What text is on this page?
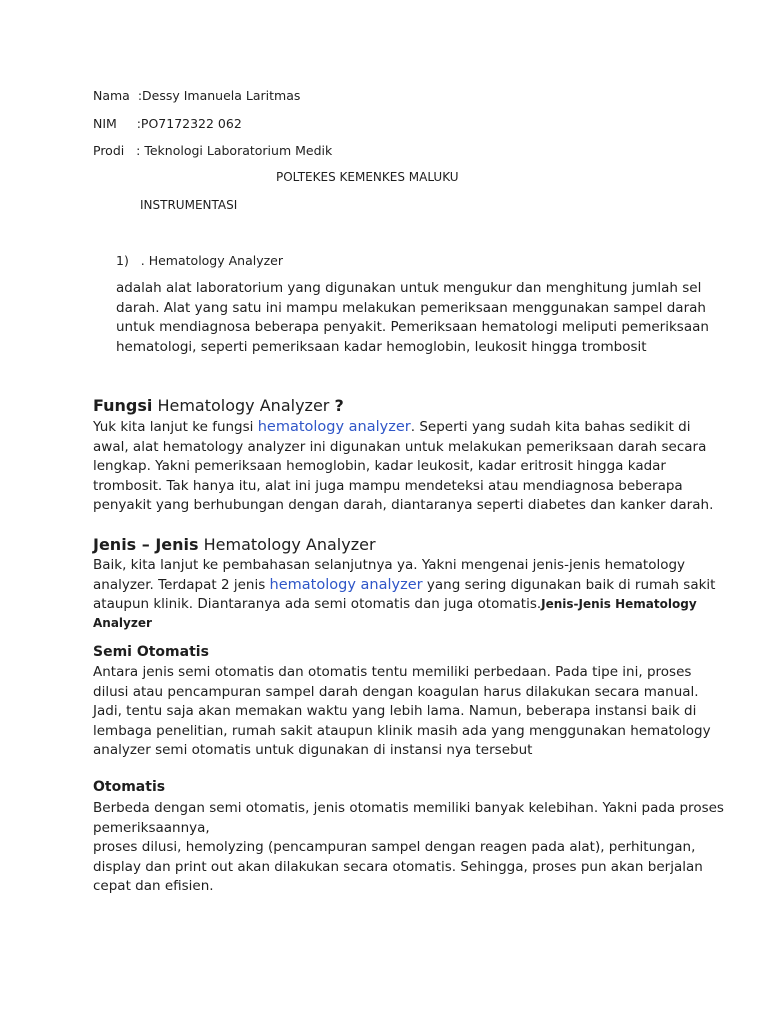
Nama :Dessy Imanuela Laritmas
NIM :PO7172322 062
Prodi : Teknologi Laboratorium Medik
POLTEKES KEMENKES MALUKU
INSTRUMENTASI
1) . Hematology Analyzer
adalah alat laboratorium yang digunakan untuk mengukur dan menghitung jumlah sel
darah. Alat yang satu ini mampu melakukan pemeriksaan menggunakan sampel darah
untuk mendiagnosa beberapa penyakit. Pemeriksaan hematologi meliputi pemeriksaan
hematologi, seperti pemeriksaan kadar hemoglobin, leukosit hingga trombosit
Fungsi Hematology Analyzer ?
Yuk kita lanjut ke fungsi hematology analyzer. Seperti yang sudah kita bahas sedikit di
awal, alat hematology analyzer ini digunakan untuk melakukan pemeriksaan darah secara
lengkap. Yakni pemeriksaan hemoglobin, kadar leukosit, kadar eritrosit hingga kadar
trombosit. Tak hanya itu, alat ini juga mampu mendeteksi atau mendiagnosa beberapa
penyakit yang berhubungan dengan darah, diantaranya seperti diabetes dan kanker darah.
Jenis – Jenis Hematology Analyzer
Baik, kita lanjut ke pembahasan selanjutnya ya. Yakni mengenai jenis-jenis hematology
analyzer. Terdapat 2 jenis hematology analyzer yang sering digunakan baik di rumah sakit
ataupun klinik. Diantaranya ada semi otomatis dan juga otomatis.Jenis-Jenis Hematology
Analyzer
Semi Otomatis
Antara jenis semi otomatis dan otomatis tentu memiliki perbedaan. Pada tipe ini, proses
dilusi atau pencampuran sampel darah dengan koagulan harus dilakukan secara manual.
Jadi, tentu saja akan memakan waktu yang lebih lama. Namun, beberapa instansi baik di
lembaga penelitian, rumah sakit ataupun klinik masih ada yang menggunakan hematology
analyzer semi otomatis untuk digunakan di instansi nya tersebut
Otomatis
Berbeda dengan semi otomatis, jenis otomatis memiliki banyak kelebihan. Yakni pada proses
pemeriksaannya,
proses dilusi, hemolyzing (pencampuran sampel dengan reagen pada alat), perhitungan,
display dan print out akan dilakukan secara otomatis. Sehingga, proses pun akan berjalan
cepat dan efisien.
